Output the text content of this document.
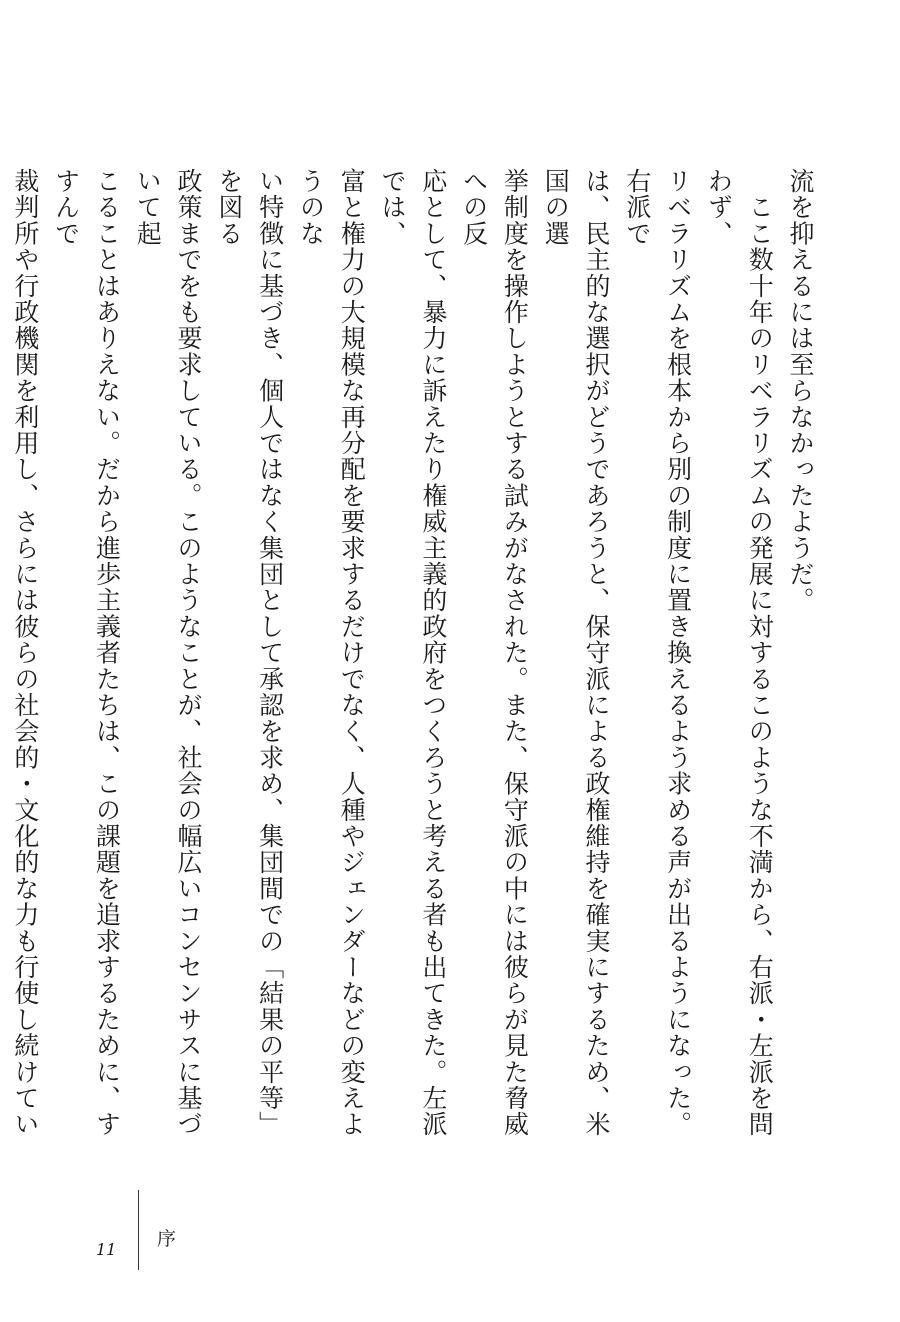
流を抑えるには至らなかったようだ。
　ここ数十年のリベラリズムの発展に対するこのような不満から、右派・左派を問わず、
リベラリズムを根本から別の制度に置き換えるよう求める声が出るようになった。右派で
は、民主的な選択がどうであろうと、保守派による政権維持を確実にするため、米国の選
挙制度を操作しようとする試みがなされた。また、保守派の中には彼らが見た脅威への反
応として、暴力に訴えたり権威主義的政府をつくろうと考える者も出てきた。左派では、
富と権力の大規模な再分配を要求するだけでなく、人種やジェンダーなどの変えようのな
い特徴に基づき、個人ではなく集団として承認を求め、集団間での「結果の平等」を図る
政策までをも要求している。このようなことが、社会の幅広いコンセンサスに基づいて起
こることはありえない。だから進歩主義者たちは、この課題を追求するために、すすんで
裁判所や行政機関を利用し、さらには彼らの社会的・文化的な力も行使し続けてい
11 序
